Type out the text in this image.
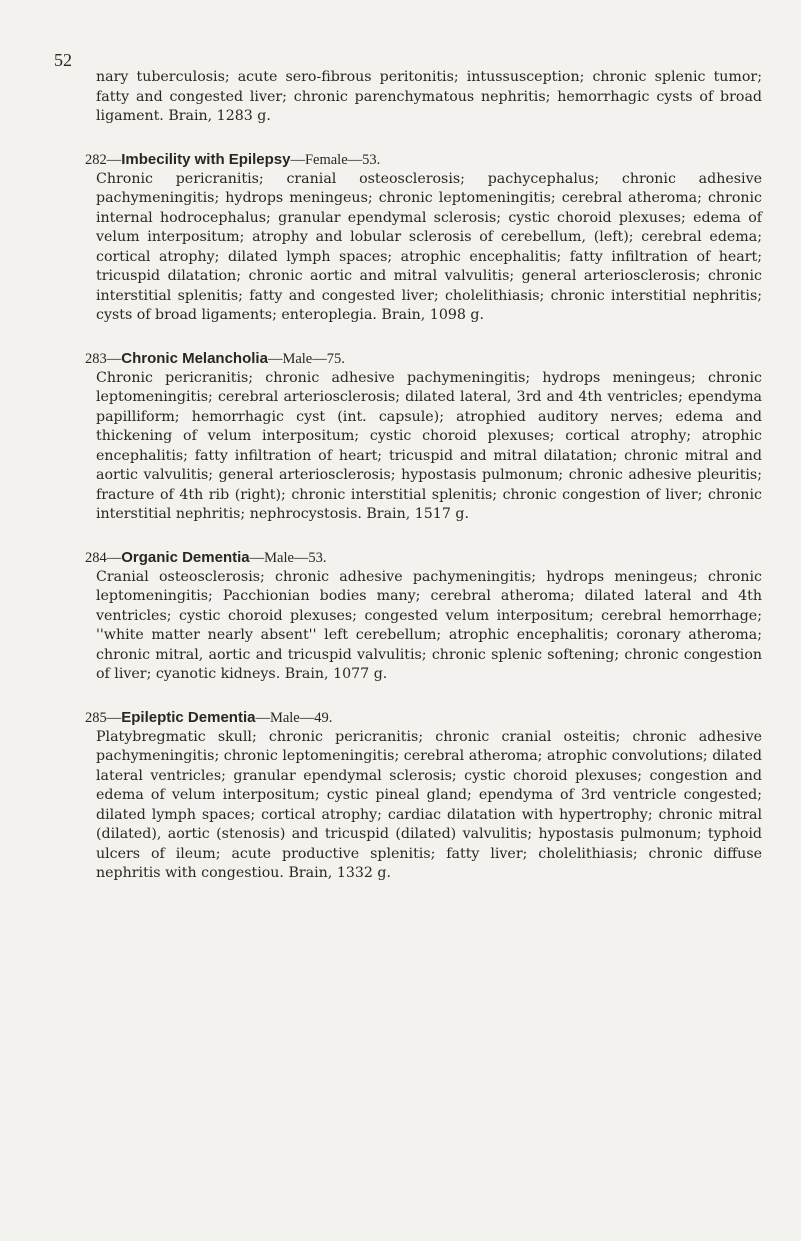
52

nary tuberculosis; acute sero-fibrous peritonitis; intussusception; chronic splenic tumor; fatty and congested liver; chronic parenchymatous nephritis; hemorrhagic cysts of broad ligament. Brain, 1283 g.

282 — Imbecility with Epilepsy — Female—53.

Chronic pericranitis; cranial osteosclerosis; pachycephalus; chronic adhesive pachymeningitis; hydrops meningeus; chronic leptomeningitis; cerebral atheroma; chronic internal hodrocephalus; granular ependymal sclerosis; cystic choroid plexuses; edema of velum interpositum; atrophy and lobular sclerosis of cerebellum, (left); cerebral edema; cortical atrophy; dilated lymph spaces; atrophic encephalitis; fatty infiltration of heart; tricuspid dilatation; chronic aortic and mitral valvulitis; general arteriosclerosis; chronic interstitial splenitis; fatty and congested liver; cholelithiasis; chronic interstitial nephritis; cysts of broad ligaments; enteroplegia. Brain, 1098 g.

283 — Chronic Melancholia — Male—75.

Chronic pericranitis; chronic adhesive pachymeningitis; hydrops meningeus; chronic leptomeningitis; cerebral arteriosclerosis; dilated lateral, 3rd and 4th ventricles; ependyma papilliform; hemorrhagic cyst (int. capsule); atrophied auditory nerves; edema and thickening of velum interpositum; cystic choroid plexuses; cortical atrophy; atrophic encephalitis; fatty infiltration of heart; tricuspid and mitral dilatation; chronic mitral and aortic valvulitis; general arteriosclerosis; hypostasis pulmonum; chronic adhesive pleuritis; fracture of 4th rib (right); chronic interstitial splenitis; chronic congestion of liver; chronic interstitial nephritis; nephrocystosis. Brain, 1517 g.

284 — Organic Dementia — Male—53.

Cranial osteosclerosis; chronic adhesive pachymeningitis; hydrops meningeus; chronic leptomeningitis; Pacchionian bodies many; cerebral atheroma; dilated lateral and 4th ventricles; cystic choroid plexuses; congested velum interpositum; cerebral hemorrhage; ''white matter nearly absent'' left cerebellum; atrophic encephalitis; coronary atheroma; chronic mitral, aortic and tricuspid valvulitis; chronic splenic softening; chronic congestion of liver; cyanotic kidneys. Brain, 1077 g.

285 — Epileptic Dementia — Male—49.

Platybregmatic skull; chronic pericranitis; chronic cranial osteitis; chronic adhesive pachymeningitis; chronic leptomeningitis; cerebral atheroma; atrophic convolutions; dilated lateral ventricles; granular ependymal sclerosis; cystic choroid plexuses; congestion and edema of velum interpositum; cystic pineal gland; ependyma of 3rd ventricle congested; dilated lymph spaces; cortical atrophy; cardiac dilatation with hypertrophy; chronic mitral (dilated), aortic (stenosis) and tricuspid (dilated) valvulitis; hypostasis pulmonum; typhoid ulcers of ileum; acute productive splenitis; fatty liver; cholelithiasis; chronic diffuse nephritis with congestiou. Brain, 1332 g.
